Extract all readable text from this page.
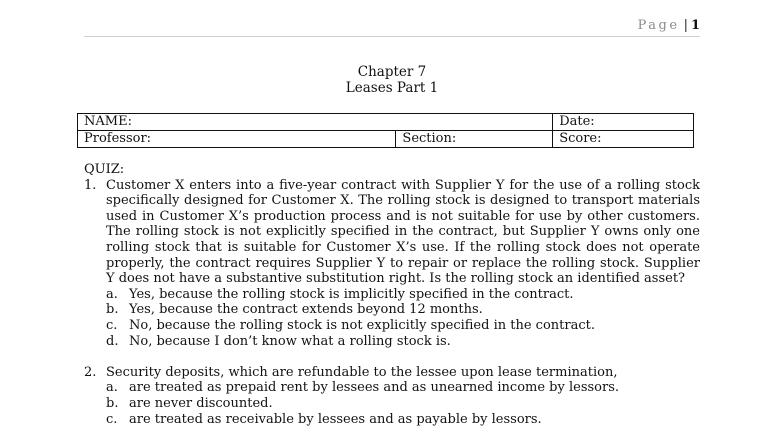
Page | 1
Chapter 7
Leases Part 1
NAME:		Date:
Professor:	Section:	Score:

QUIZ:

1. Customer X enters into a five-year contract with Supplier Y for the use of a rolling stock specifically designed for Customer X. The rolling stock is designed to transport materials used in Customer X’s production process and is not suitable for use by other customers. The rolling stock is not explicitly specified in the contract, but Supplier Y owns only one rolling stock that is suitable for Customer X’s use. If the rolling stock does not operate properly, the contract requires Supplier Y to repair or replace the rolling stock. Supplier Y does not have a substantive substitution right. Is the rolling stock an identified asset?
a. Yes, because the rolling stock is implicitly specified in the contract.
b. Yes, because the contract extends beyond 12 months.
c. No, because the rolling stock is not explicitly specified in the contract.
d. No, because I don’t know what a rolling stock is.
2. Security deposits, which are refundable to the lessee upon lease termination,
a. are treated as prepaid rent by lessees and as unearned income by lessors.
b. are never discounted.
c. are treated as receivable by lessees and as payable by lessors.
